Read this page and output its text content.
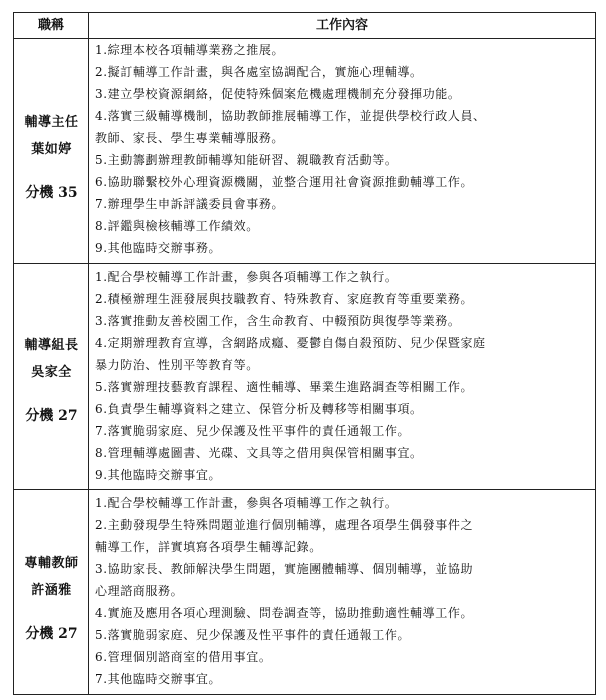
職稱	工作內容
輔導主任
葉如婷
分機 35
1.綜理本校各項輔導業務之推展。
2.擬訂輔導工作計畫，與各處室協調配合，實施心理輔導。
3.建立學校資源網絡，促使特殊個案危機處理機制充分發揮功能。
4.落實三級輔導機制，協助教師推展輔導工作，並提供學校行政人員、
教師、家長、學生專業輔導服務。
5.主動籌劃辦理教師輔導知能研習、親職教育活動等。
6.協助聯繫校外心理資源機關，並整合運用社會資源推動輔導工作。
7.辦理學生申訴評議委員會事務。
8.評鑑與檢核輔導工作績效。
9.其他臨時交辦事務。
輔導組長
吳家全
分機 27
1.配合學校輔導工作計畫，參與各項輔導工作之執行。
2.積極辦理生涯發展與技職教育、特殊教育、家庭教育等重要業務。
3.落實推動友善校園工作，含生命教育、中輟預防與復學等業務。
4.定期辦理教育宣導，含網路成癮、憂鬱自傷自殺預防、兒少保暨家庭
暴力防治、性別平等教育等。
5.落實辦理技藝教育課程、適性輔導、畢業生進路調查等相關工作。
6.負責學生輔導資料之建立、保管分析及轉移等相關事項。
7.落實脆弱家庭、兒少保護及性平事件的責任通報工作。
8.管理輔導處圖書、光碟、文具等之借用與保管相關事宜。
9.其他臨時交辦事宜。
專輔教師
許涵雅
分機 27
1.配合學校輔導工作計畫，參與各項輔導工作之執行。
2.主動發現學生特殊問題並進行個別輔導，處理各項學生偶發事件之
輔導工作，詳實填寫各項學生輔導記錄。
3.協助家長、教師解決學生問題，實施團體輔導、個別輔導，並協助
心理諮商服務。
4.實施及應用各項心理測驗、問卷調查等，協助推動適性輔導工作。
5.落實脆弱家庭、兒少保護及性平事件的責任通報工作。
6.管理個別諮商室的借用事宜。
7.其他臨時交辦事宜。
